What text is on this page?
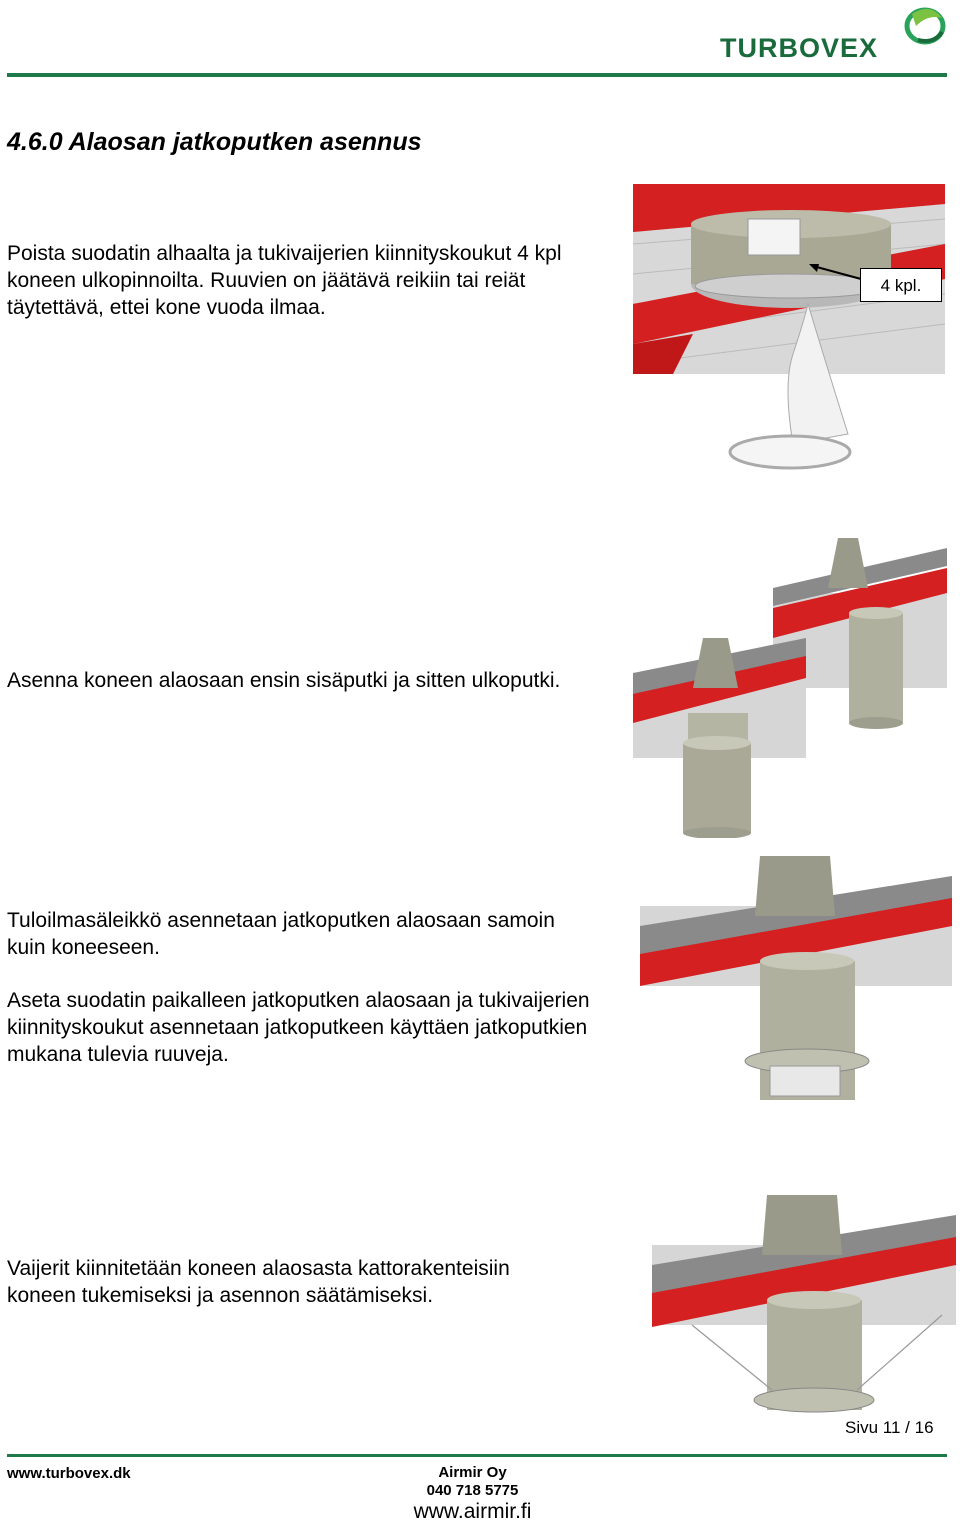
TURBOVEX
4.6.0 Alaosan jatkoputken asennus
Poista suodatin alhaalta ja tukivaijerien kiinnityskoukut 4 kpl koneen ulkopinnoilta. Ruuvien on jäätävä reikiin tai reiät täytettävä, ettei kone vuoda ilmaa.
4 kpl.
Asenna koneen alaosaan ensin sisäputki ja sitten ulkoputki.
Tuloilmasäleikkö asennetaan jatkoputken alaosaan samoin kuin koneeseen.
Aseta suodatin paikalleen jatkoputken alaosaan ja tukivaijerien kiinnityskoukut asennetaan jatkoputkeen käyttäen jatkoputkien mukana tulevia ruuveja.
Vaijerit kiinnitetään koneen alaosasta kattorakenteisiin koneen tukemiseksi ja asennon säätämiseksi.
Sivu 11 / 16
www.turbovex.dk	Airmir Oy
040 718 5775
www.airmir.fi
